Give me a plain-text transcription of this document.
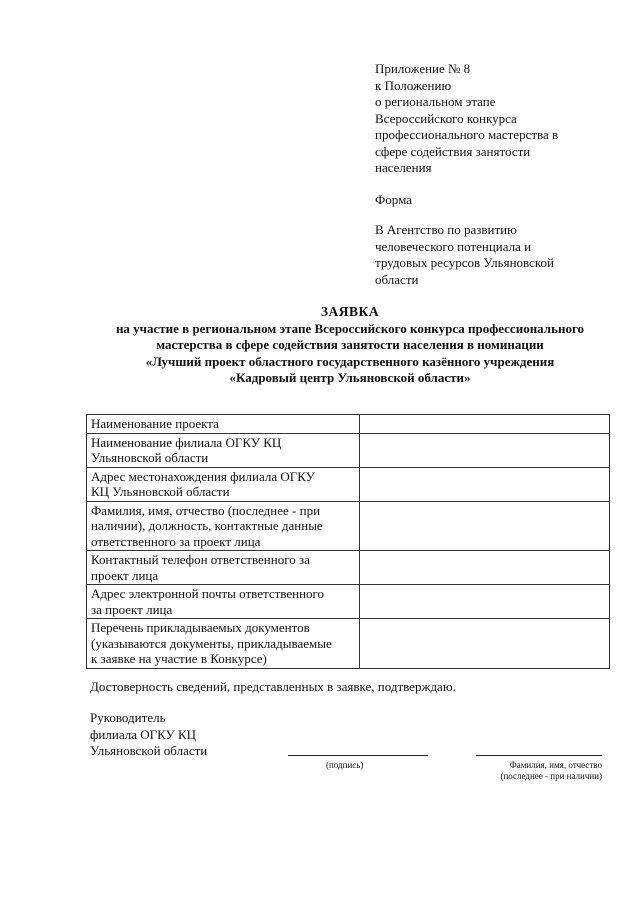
Приложение № 8
к Положению
о региональном этапе
Всероссийского конкурса
профессионального мастерства в
сфере содействия занятости
населения
Форма
В Агентство по развитию
человеческого потенциала и
трудовых ресурсов Ульяновской
области
ЗАЯВКА
на участие в региональном этапе Всероссийского конкурса профессионального
мастерства в сфере содействия занятости населения в номинации
«Лучший проект областного государственного казённого учреждения
«Кадровый центр Ульяновской области»
Наименование проекта	

Наименование филиала ОГКУ КЦ
Ульяновской области	

Адрес местонахождения филиала ОГКУ
КЦ Ульяновской области	

Фамилия, имя, отчество (последнее - при
наличии), должность, контактные данные
ответственного за проект лица	

Контактный телефон ответственного за
проект лица	

Адрес электронной почты ответственного
за проект лица	

Перечень прикладываемых документов
(указываются документы, прикладываемые
к заявке на участие в Конкурсе)	

Достоверность сведений, представленных в заявке, подтверждаю.
Руководитель
филиала ОГКУ КЦ
Ульяновской области
(подпись)	Фамилия, имя, отчество
(последнее - при наличии)
